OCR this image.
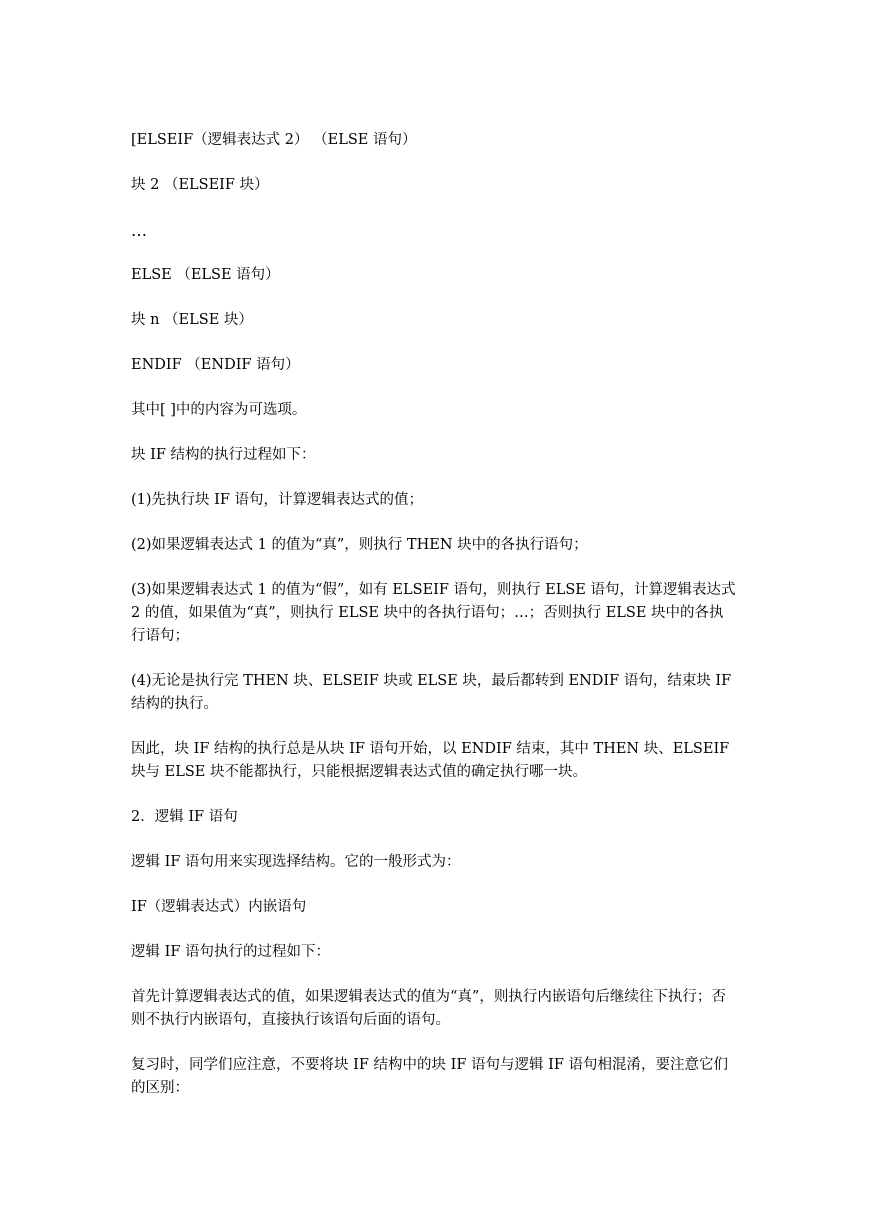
[ELSEIF（逻辑表达式 2） （ELSE 语句）

块 2 （ELSEIF 块）

…

ELSE （ELSE 语句）

块 n （ELSE 块）

ENDIF （ENDIF 语句）

其中[ ]中的内容为可选项。

块 IF 结构的执行过程如下：

(1)先执行块 IF 语句，计算逻辑表达式的值；

(2)如果逻辑表达式 1 的值为“真”，则执行 THEN 块中的各执行语句；

(3)如果逻辑表达式 1 的值为“假”，如有 ELSEIF 语句，则执行 ELSE 语句，计算逻辑表达式 2 的值，如果值为“真”，则执行 ELSE 块中的各执行语句；…；否则执行 ELSE 块中的各执行语句；

(4)无论是执行完 THEN 块、ELSEIF 块或 ELSE 块，最后都转到 ENDIF 语句，结束块 IF 结构的执行。

因此，块 IF 结构的执行总是从块 IF 语句开始，以 ENDIF 结束，其中 THEN 块、ELSEIF 块与 ELSE 块不能都执行，只能根据逻辑表达式值的确定执行哪一块。

2．逻辑 IF 语句

逻辑 IF 语句用来实现选择结构。它的一般形式为：

IF（逻辑表达式）内嵌语句

逻辑 IF 语句执行的过程如下：

首先计算逻辑表达式的值，如果逻辑表达式的值为“真”，则执行内嵌语句后继续往下执行；否则不执行内嵌语句，直接执行该语句后面的语句。

复习时，同学们应注意，不要将块 IF 结构中的块 IF 语句与逻辑 IF 语句相混淆，要注意它们的区别：
